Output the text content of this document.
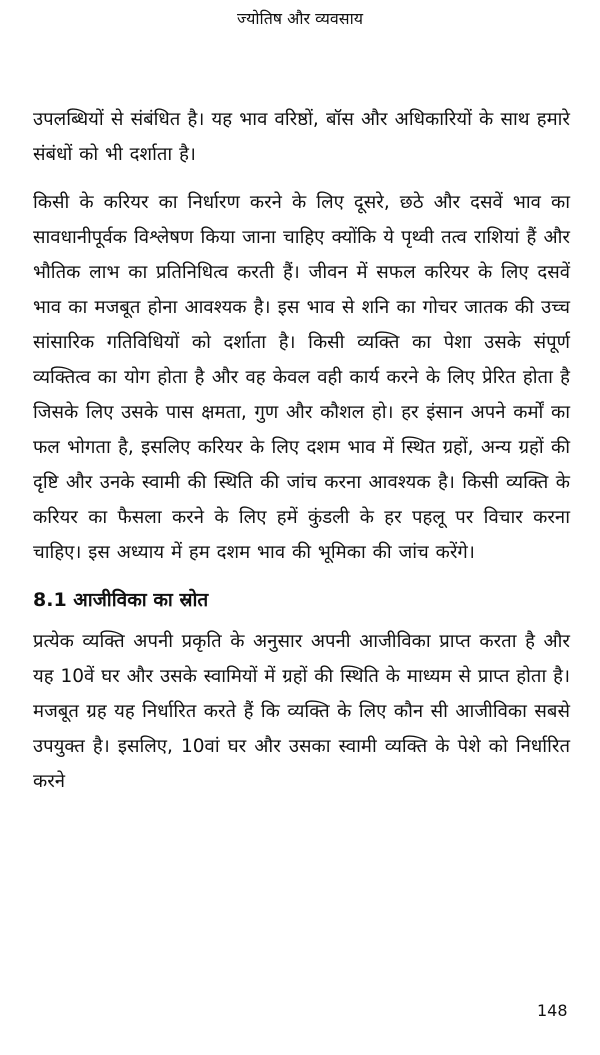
ज्योतिष और व्यवसाय

उपलब्धियों से संबंधित है। यह भाव वरिष्ठों, बॉस और अधिकारियों के साथ हमारे संबंधों को भी दर्शाता है।

किसी के करियर का निर्धारण करने के लिए दूसरे, छठे और दसवें भाव का सावधानीपूर्वक विश्लेषण किया जाना चाहिए क्योंकि ये पृथ्वी तत्व राशियां हैं और भौतिक लाभ का प्रतिनिधित्व करती हैं। जीवन में सफल करियर के लिए दसवें भाव का मजबूत होना आवश्यक है। इस भाव से शनि का गोचर जातक की उच्च सांसारिक गतिविधियों को दर्शाता है। किसी व्यक्ति का पेशा उसके संपूर्ण व्यक्तित्व का योग होता है और वह केवल वही कार्य करने के लिए प्रेरित होता है जिसके लिए उसके पास क्षमता, गुण और कौशल हो। हर इंसान अपने कर्मों का फल भोगता है, इसलिए करियर के लिए दशम भाव में स्थित ग्रहों, अन्य ग्रहों की दृष्टि और उनके स्वामी की स्थिति की जांच करना आवश्यक है। किसी व्यक्ति के करियर का फैसला करने के लिए हमें कुंडली के हर पहलू पर विचार करना चाहिए। इस अध्याय में हम दशम भाव की भूमिका की जांच करेंगे।

8.1 आजीविका का स्रोत

प्रत्येक व्यक्ति अपनी प्रकृति के अनुसार अपनी आजीविका प्राप्त करता है और यह 10वें घर और उसके स्वामियों में ग्रहों की स्थिति के माध्यम से प्राप्त होता है। मजबूत ग्रह यह निर्धारित करते हैं कि व्यक्ति के लिए कौन सी आजीविका सबसे उपयुक्त है। इसलिए, 10वां घर और उसका स्वामी व्यक्ति के पेशे को निर्धारित करने

148
